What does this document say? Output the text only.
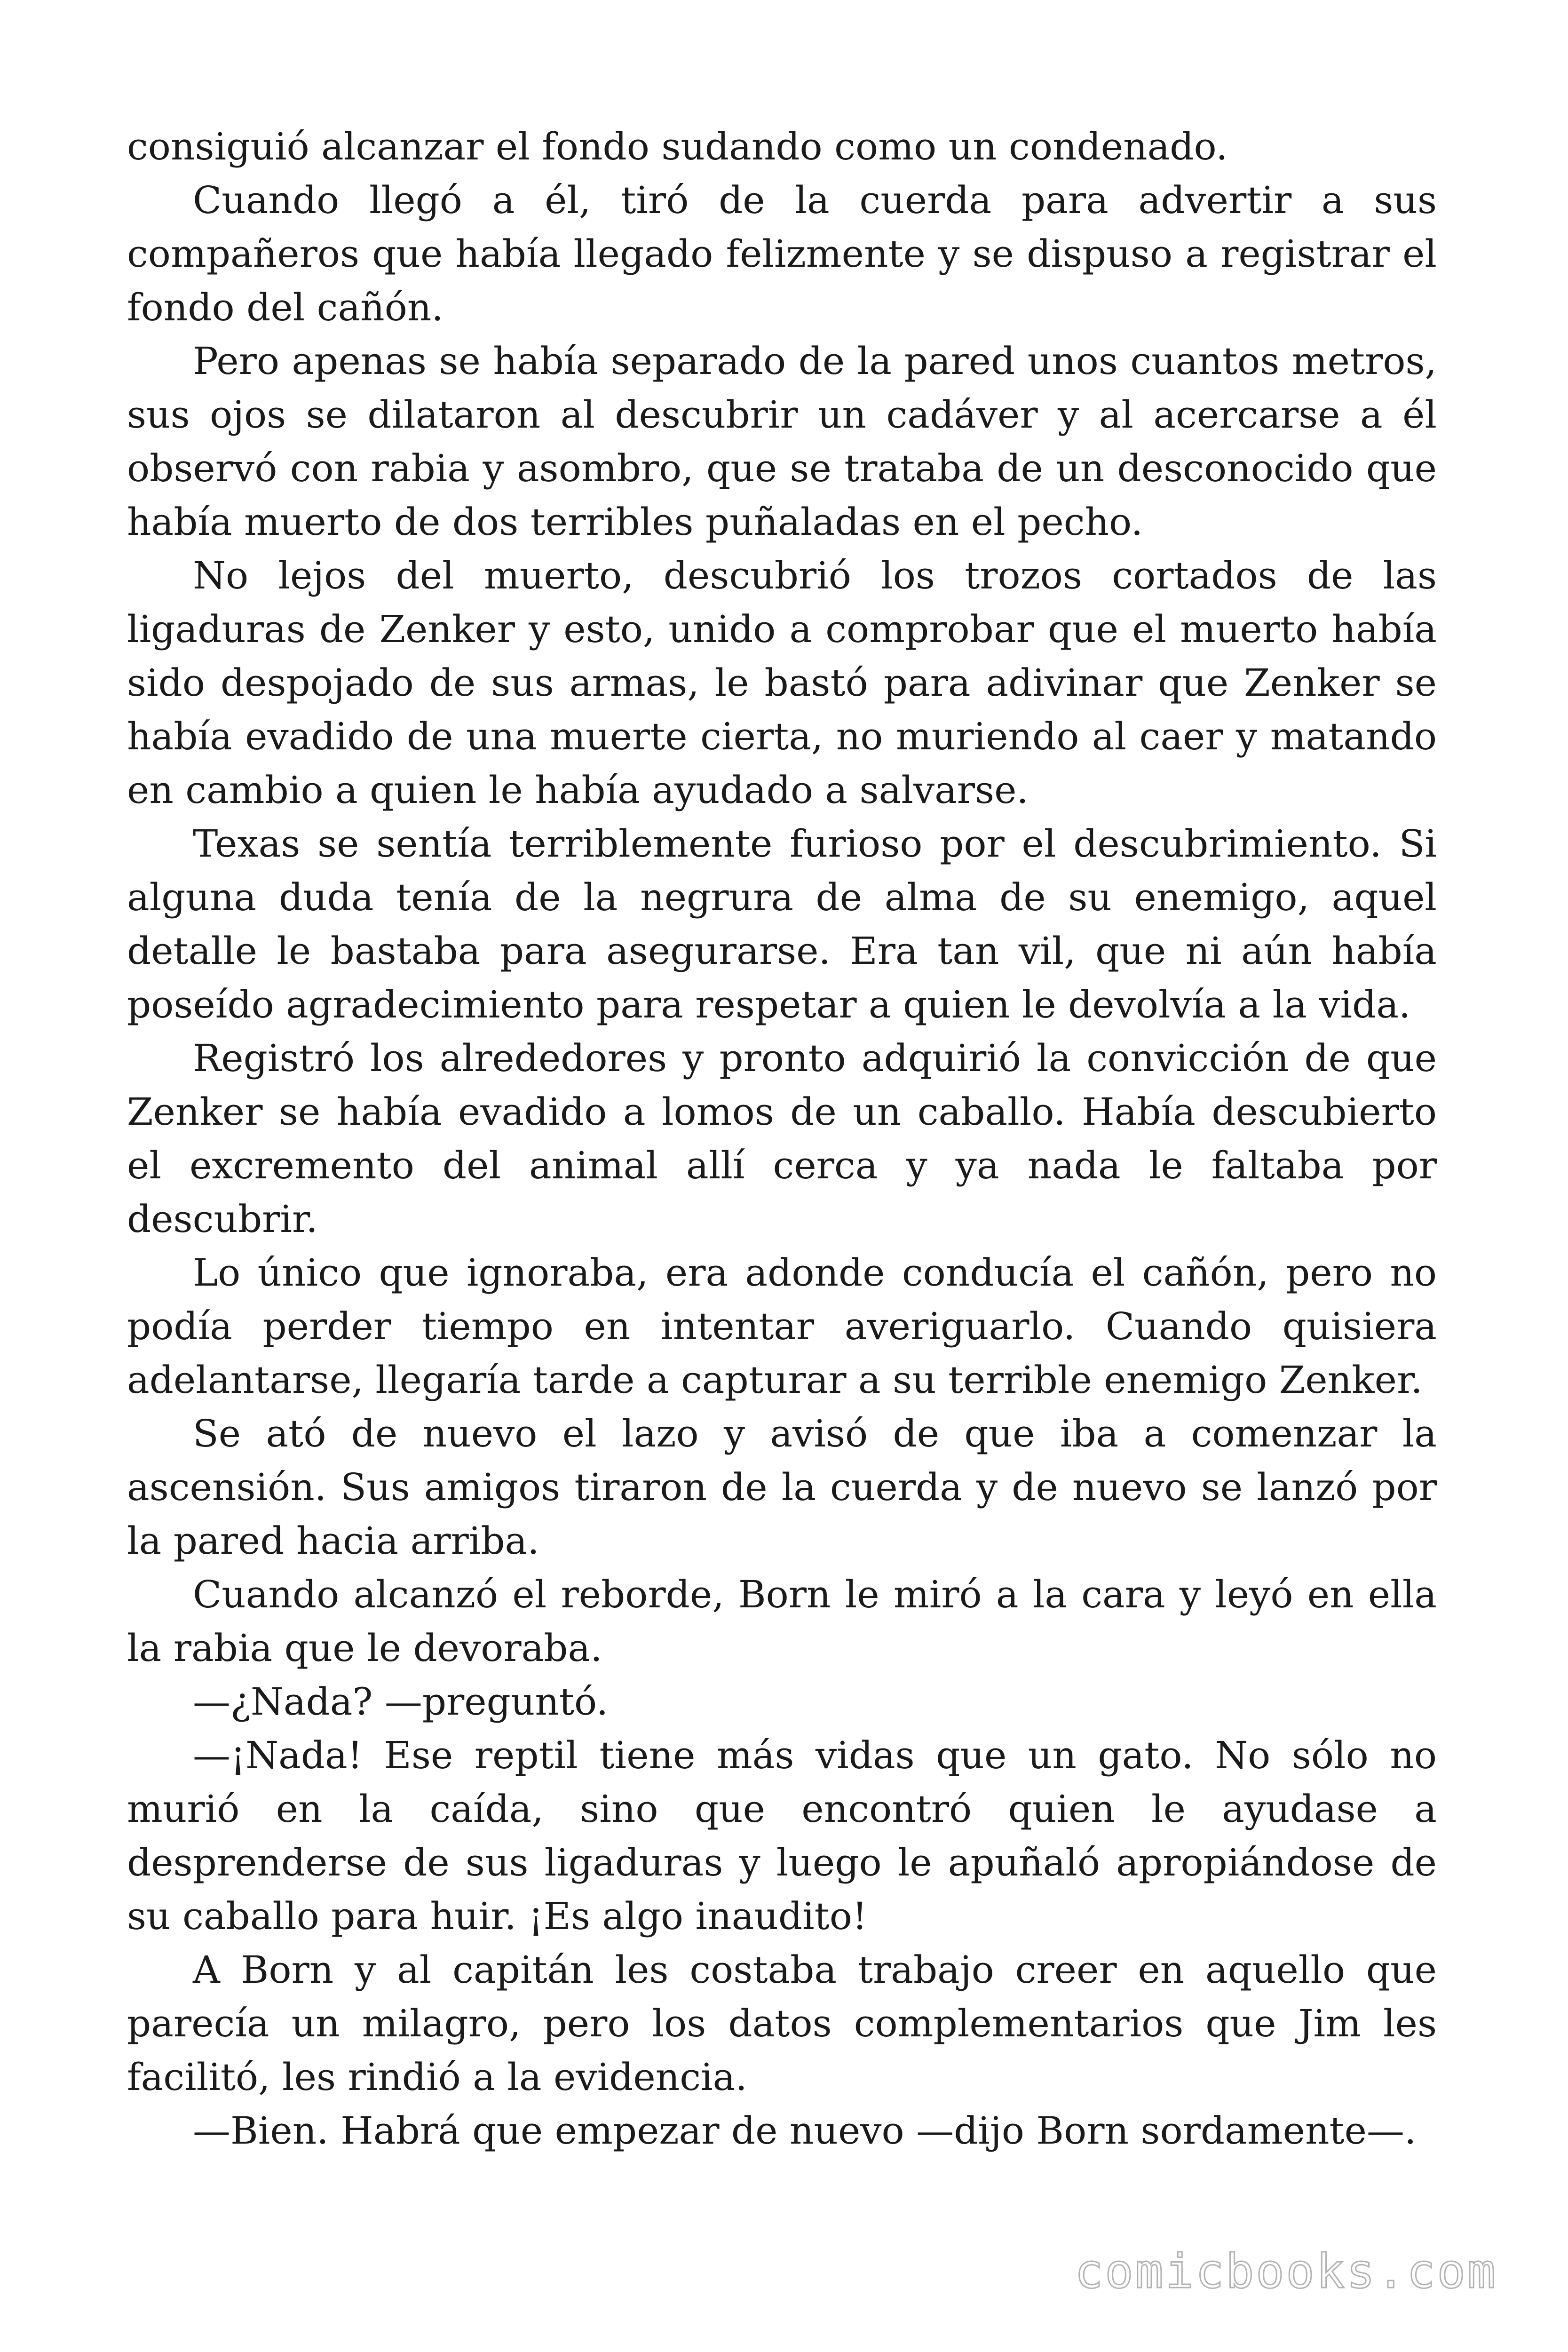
consiguió alcanzar el fondo sudando como un condenado.

Cuando llegó a él, tiró de la cuerda para advertir a sus compañeros que había llegado felizmente y se dispuso a registrar el fondo del cañón.

Pero apenas se había separado de la pared unos cuantos metros, sus ojos se dilataron al descubrir un cadáver y al acercarse a él observó con rabia y asombro, que se trataba de un desconocido que había muerto de dos terribles puñaladas en el pecho.

No lejos del muerto, descubrió los trozos cortados de las ligaduras de Zenker y esto, unido a comprobar que el muerto había sido despojado de sus armas, le bastó para adivinar que Zenker se había evadido de una muerte cierta, no muriendo al caer y matando en cambio a quien le había ayudado a salvarse.

Texas se sentía terriblemente furioso por el descubrimiento. Si alguna duda tenía de la negrura de alma de su enemigo, aquel detalle le bastaba para asegurarse. Era tan vil, que ni aún había poseído agradecimiento para respetar a quien le devolvía a la vida.

Registró los alrededores y pronto adquirió la convicción de que Zenker se había evadido a lomos de un caballo. Había descubierto el excremento del animal allí cerca y ya nada le faltaba por descubrir.

Lo único que ignoraba, era adonde conducía el cañón, pero no podía perder tiempo en intentar averiguarlo. Cuando quisiera adelantarse, llegaría tarde a capturar a su terrible enemigo Zenker.

Se ató de nuevo el lazo y avisó de que iba a comenzar la ascensión. Sus amigos tiraron de la cuerda y de nuevo se lanzó por la pared hacia arriba.

Cuando alcanzó el reborde, Born le miró a la cara y leyó en ella la rabia que le devoraba.

—¿Nada? —preguntó.

—¡Nada! Ese reptil tiene más vidas que un gato. No sólo no murió en la caída, sino que encontró quien le ayudase a desprenderse de sus ligaduras y luego le apuñaló apropiándose de su caballo para huir. ¡Es algo inaudito!

A Born y al capitán les costaba trabajo creer en aquello que parecía un milagro, pero los datos complementarios que Jim les facilitó, les rindió a la evidencia.

—Bien. Habrá que empezar de nuevo —dijo Born sordamente—.

comicbooks.com
